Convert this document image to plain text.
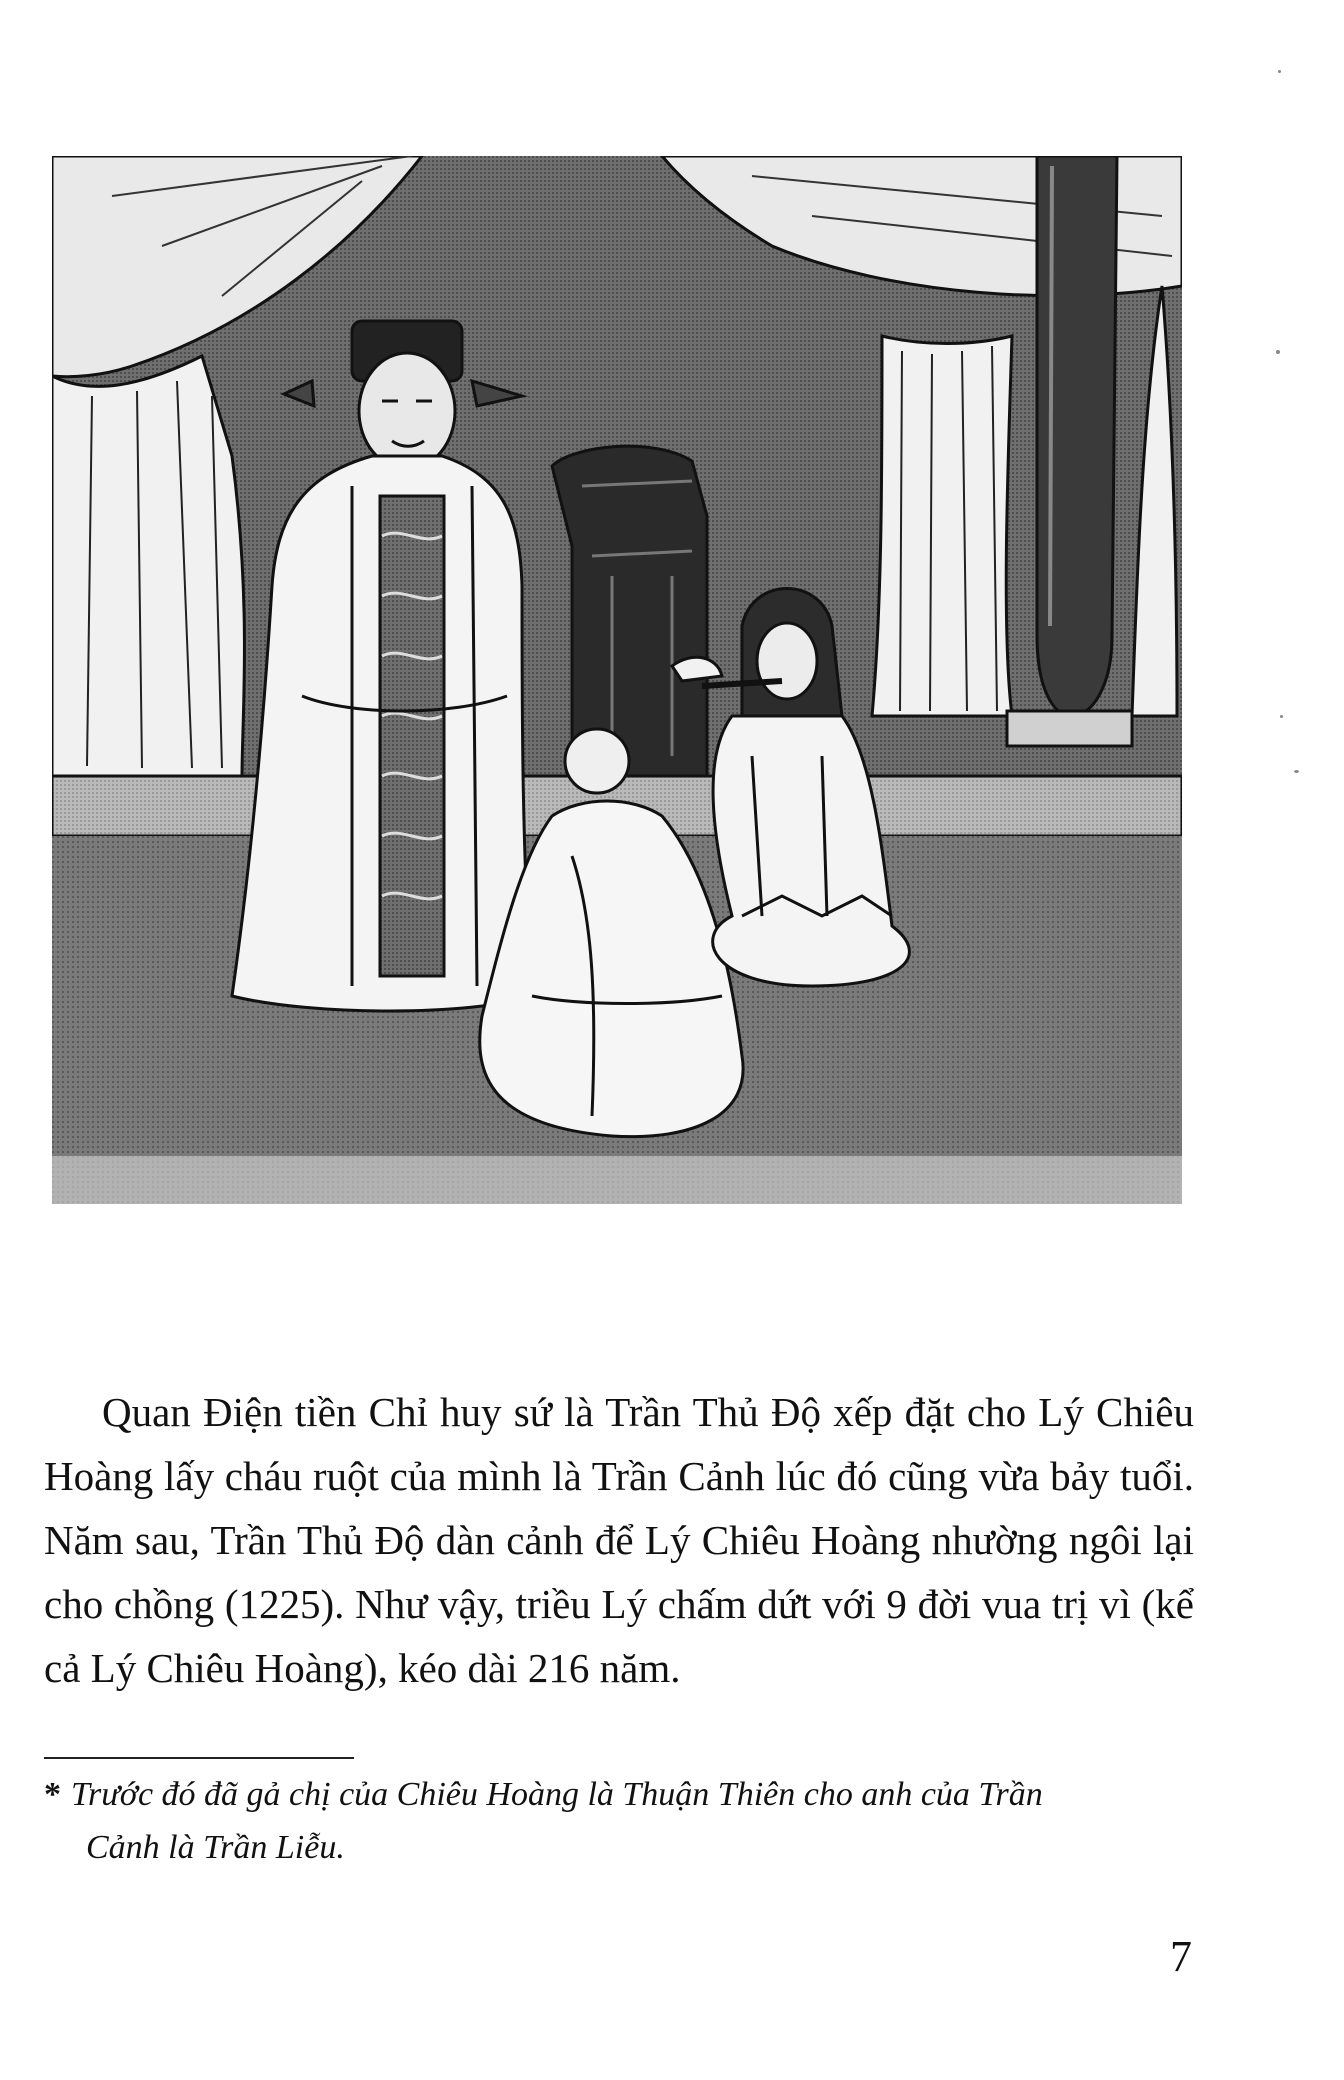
Quan Điện tiền Chỉ huy sứ là Trần Thủ Độ xếp đặt cho Lý Chiêu Hoàng lấy cháu ruột của mình là Trần Cảnh lúc đó cũng vừa bảy tuổi. Năm sau, Trần Thủ Độ dàn cảnh để Lý Chiêu Hoàng nhường ngôi lại cho chồng (1225). Như vậy, triều Lý chấm dứt với 9 đời vua trị vì (kể cả Lý Chiêu Hoàng), kéo dài 216 năm.

* Trước đó đã gả chị của Chiêu Hoàng là Thuận Thiên cho anh của Trần
Cảnh là Trần Liễu.

7
